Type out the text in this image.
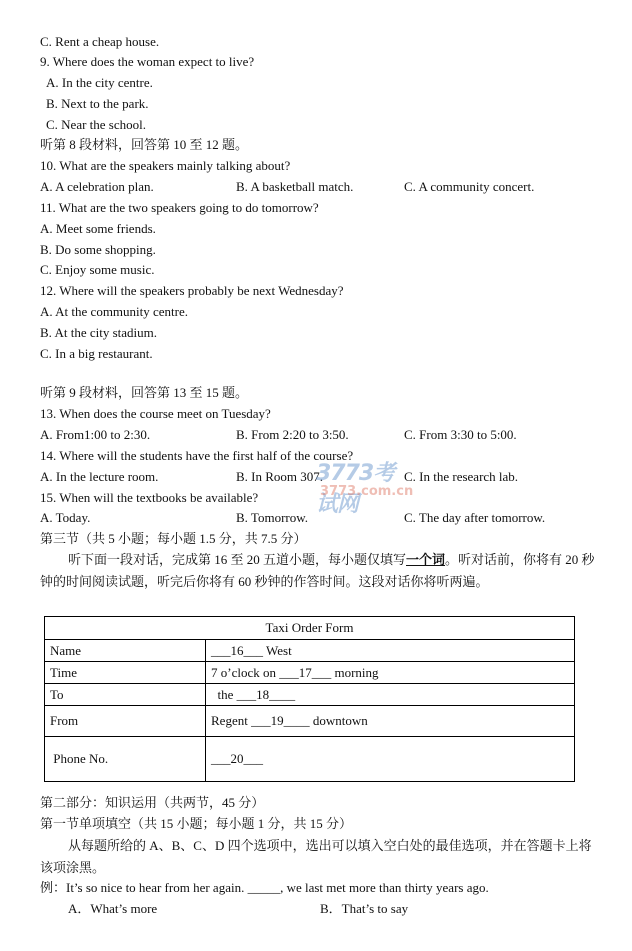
C. Rent a cheap house.
9. Where does the woman expect to live?
A. In the city centre.
B. Next to the park.
C. Near the school.
听第 8 段材料，回答第 10 至 12 题。
10. What are the speakers mainly talking about?
A. A celebration plan.	B. A basketball match.	C. A community concert.
11. What are the two speakers going to do tomorrow?
A. Meet some friends.
B. Do some shopping.
C. Enjoy some music.
12. Where will the speakers probably be next Wednesday?
A. At the community centre.
B. At the city stadium.
C. In a big restaurant.
听第 9 段材料，回答第 13 至 15 题。
13. When does the course meet on Tuesday?
A. From1:00 to 2:30.	B. From 2:20 to 3:50.	C. From 3:30 to 5:00.
14. Where will the students have the first half of the course?
A. In the lecture room.	B. In Room 307.	C. In the research lab.
15. When will the textbooks be available?
A. Today.	B. Tomorrow.	C. The day after tomorrow.
第三节（共 5 小题；每小题 1.5 分，共 7.5 分）
听下面一段对话，完成第 16 至 20 五道小题，每小题仅填写一个词。听对话前，你将有 20 秒钟的时间阅读试题，听完后你将有 60 秒钟的作答时间。这段对话你将听两遍。
Taxi Order Form	
Name	___16___ West
Time	7 o’clock on ___17___ morning
To	the ___18____
From	Regent ___19____ downtown
Phone No.	___20___
第二部分：知识运用（共两节，45 分）
第一节单项填空（共 15 小题；每小题 1 分，共 15 分）
从每题所给的 A、B、C、D 四个选项中，选出可以填入空白处的最佳选项，并在答题卡上将该项涂黑。
例：It’s so nice to hear from her again. _____, we last met more than thirty years ago.
A．What’s more	B．That’s to say
3773考试网
3773.com.cn
